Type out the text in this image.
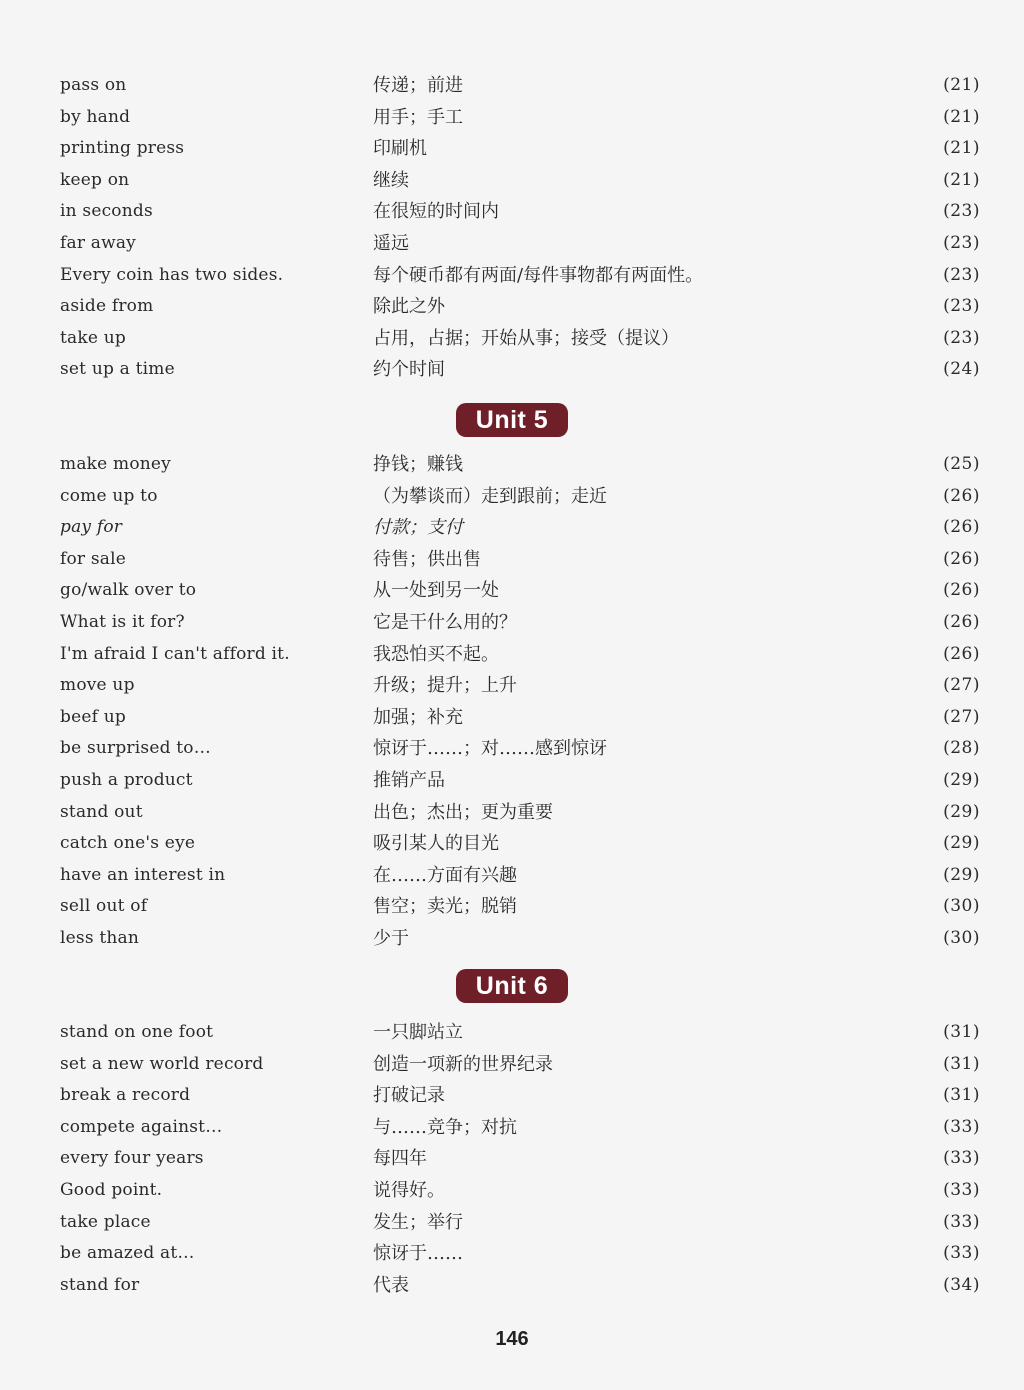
pass on	传递；前进	(21)
by hand	用手；手工	(21)
printing press	印刷机	(21)
keep on	继续	(21)
in seconds	在很短的时间内	(23)
far away	遥远	(23)
Every coin has two sides.	每个硬币都有两面/每件事物都有两面性。	(23)
aside from	除此之外	(23)
take up	占用，占据；开始从事；接受（提议）	(23)
set up a time	约个时间	(24)
Unit 5
make money	挣钱；赚钱	(25)
come up to	（为攀谈而）走到跟前；走近	(26)
pay for	付款；支付	(26)
for sale	待售；供出售	(26)
go/walk over to	从一处到另一处	(26)
What is it for?	它是干什么用的？	(26)
I'm afraid I can't afford it.	我恐怕买不起。	(26)
move up	升级；提升；上升	(27)
beef up	加强；补充	(27)
be surprised to…	惊讶于……；对……感到惊讶	(28)
push a product	推销产品	(29)
stand out	出色；杰出；更为重要	(29)
catch one's eye	吸引某人的目光	(29)
have an interest in	在……方面有兴趣	(29)
sell out of	售空；卖光；脱销	(30)
less than	少于	(30)
Unit 6
stand on one foot	一只脚站立	(31)
set a new world record	创造一项新的世界纪录	(31)
break a record	打破记录	(31)
compete against…	与……竞争；对抗	(33)
every four years	每四年	(33)
Good point.	说得好。	(33)
take place	发生；举行	(33)
be amazed at…	惊讶于……	(33)
stand for	代表	(34)
146
